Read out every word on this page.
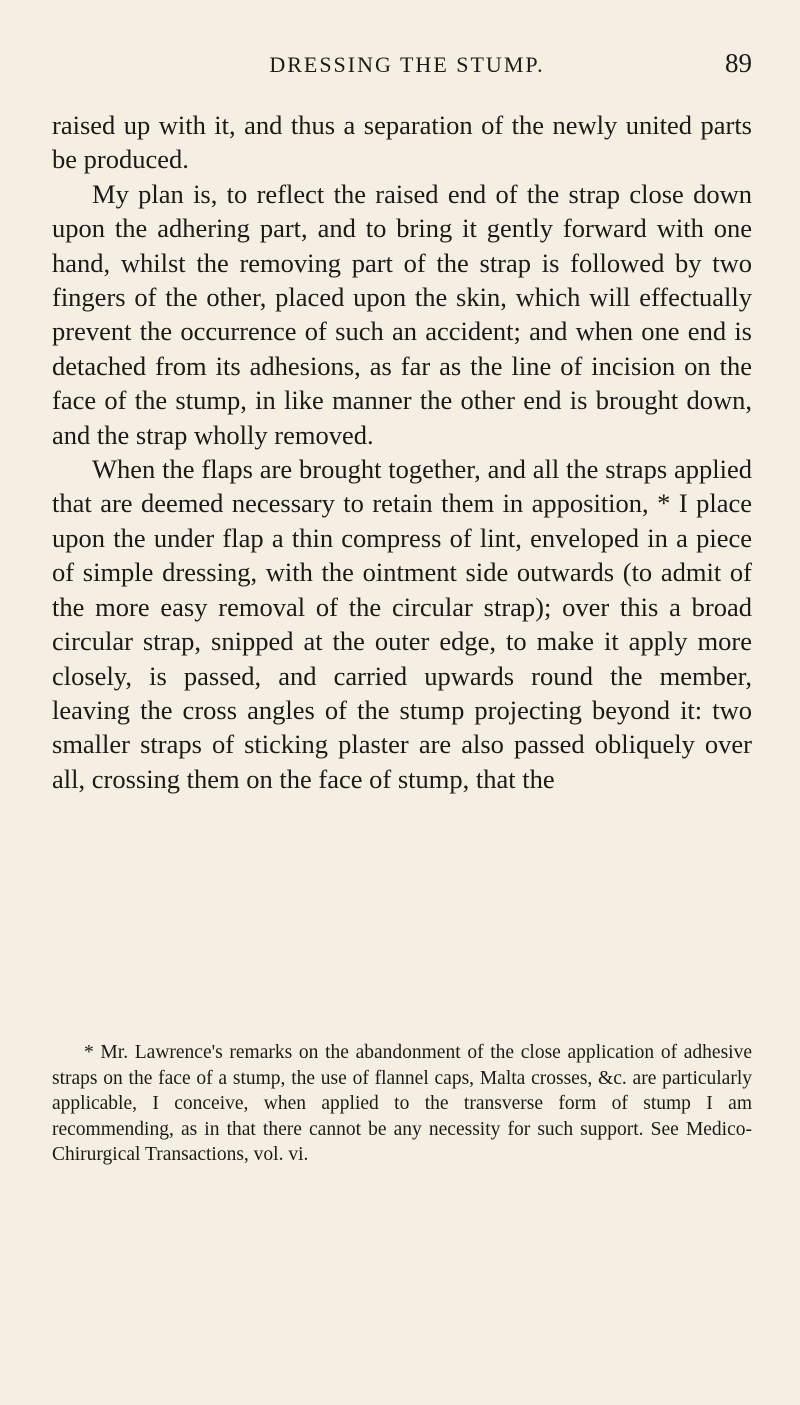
DRESSING THE STUMP.	89

raised up with it, and thus a separation of the newly united parts be produced.

My plan is, to reflect the raised end of the strap close down upon the adhering part, and to bring it gently forward with one hand, whilst the removing part of the strap is followed by two fingers of the other, placed upon the skin, which will effectually prevent the occurrence of such an accident; and when one end is detached from its adhesions, as far as the line of incision on the face of the stump, in like manner the other end is brought down, and the strap wholly removed.

When the flaps are brought together, and all the straps applied that are deemed necessary to retain them in apposition, * I place upon the under flap a thin compress of lint, enveloped in a piece of simple dressing, with the ointment side outwards (to admit of the more easy removal of the circular strap); over this a broad circular strap, snipped at the outer edge, to make it apply more closely, is passed, and carried upwards round the member, leaving the cross angles of the stump projecting beyond it: two smaller straps of sticking plaster are also passed obliquely over all, crossing them on the face of stump, that the

* Mr. Lawrence's remarks on the abandonment of the close application of adhesive straps on the face of a stump, the use of flannel caps, Malta crosses, &c. are particularly applicable, I conceive, when applied to the transverse form of stump I am recommending, as in that there cannot be any necessity for such support. See Medico-Chirurgical Transactions, vol. vi.
